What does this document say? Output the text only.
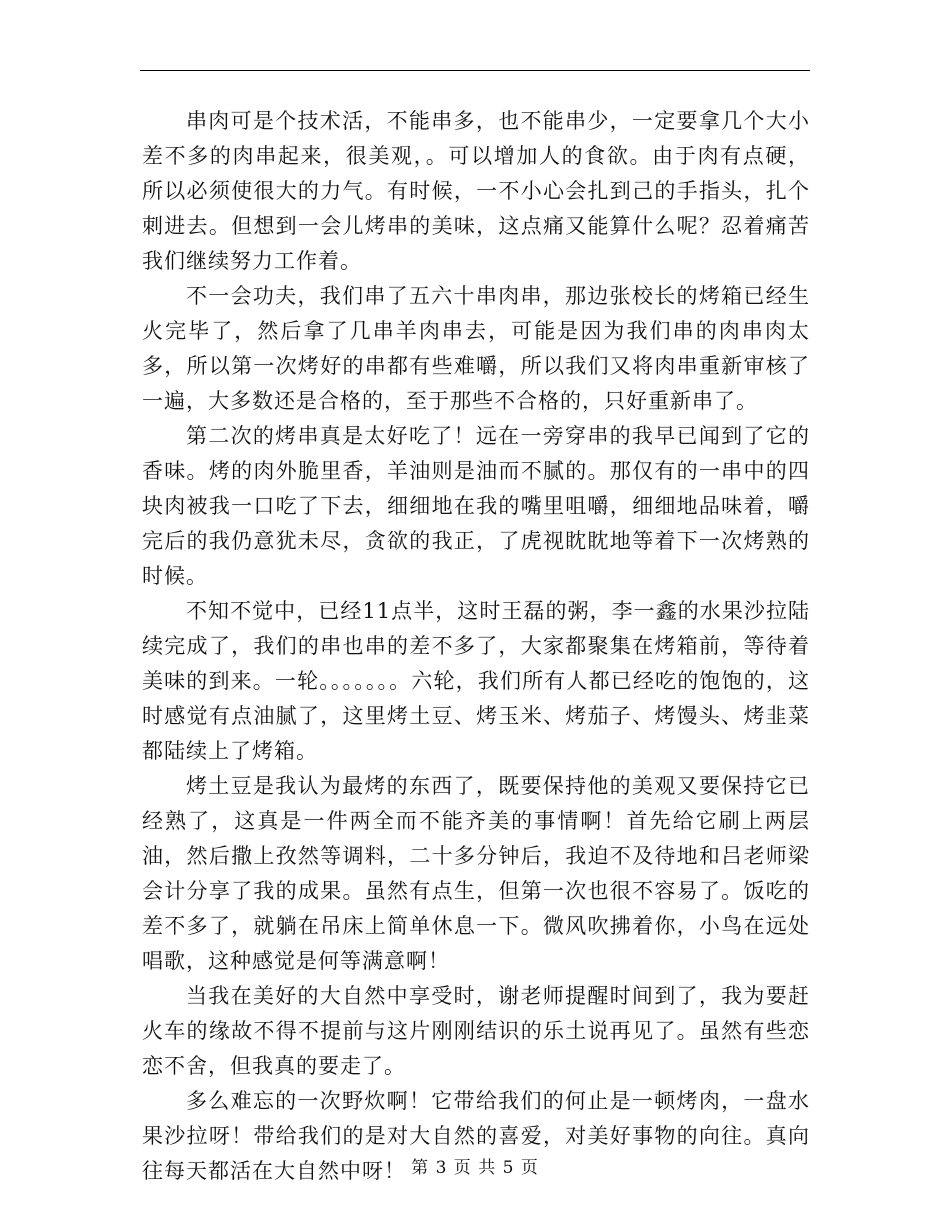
串肉可是个技术活，不能串多，也不能串少，一定要拿几个大小差不多的肉串起来，很美观，。可以增加人的食欲。由于肉有点硬，所以必须使很大的力气。有时候，一不小心会扎到己的手指头，扎个刺进去。但想到一会儿烤串的美味，这点痛又能算什么呢？忍着痛苦我们继续努力工作着。

不一会功夫，我们串了五六十串肉串，那边张校长的烤箱已经生火完毕了，然后拿了几串羊肉串去，可能是因为我们串的肉串肉太多，所以第一次烤好的串都有些难嚼，所以我们又将肉串重新审核了一遍，大多数还是合格的，至于那些不合格的，只好重新串了。

第二次的烤串真是太好吃了！远在一旁穿串的我早已闻到了它的香味。烤的肉外脆里香，羊油则是油而不腻的。那仅有的一串中的四块肉被我一口吃了下去，细细地在我的嘴里咀嚼，细细地品味着，嚼完后的我仍意犹未尽，贪欲的我正，了虎视眈眈地等着下一次烤熟的时候。

不知不觉中，已经11点半，这时王磊的粥，李一鑫的水果沙拉陆续完成了，我们的串也串的差不多了，大家都聚集在烤箱前，等待着美味的到来。一轮。。。。。。。六轮，我们所有人都已经吃的饱饱的，这时感觉有点油腻了，这里烤土豆、烤玉米、烤茄子、烤馒头、烤韭菜都陆续上了烤箱。

烤土豆是我认为最烤的东西了，既要保持他的美观又要保持它已经熟了，这真是一件两全而不能齐美的事情啊！首先给它刷上两层油，然后撒上孜然等调料，二十多分钟后，我迫不及待地和吕老师梁会计分享了我的成果。虽然有点生，但第一次也很不容易了。饭吃的差不多了，就躺在吊床上简单休息一下。微风吹拂着你，小鸟在远处唱歌，这种感觉是何等满意啊！

当我在美好的大自然中享受时，谢老师提醒时间到了，我为要赶火车的缘故不得不提前与这片刚刚结识的乐土说再见了。虽然有些恋恋不舍，但我真的要走了。

多么难忘的一次野炊啊！它带给我们的何止是一顿烤肉，一盘水果沙拉呀！带给我们的是对大自然的喜爱，对美好事物的向往。真向往每天都活在大自然中呀！ 第 3 页 共 5 页
